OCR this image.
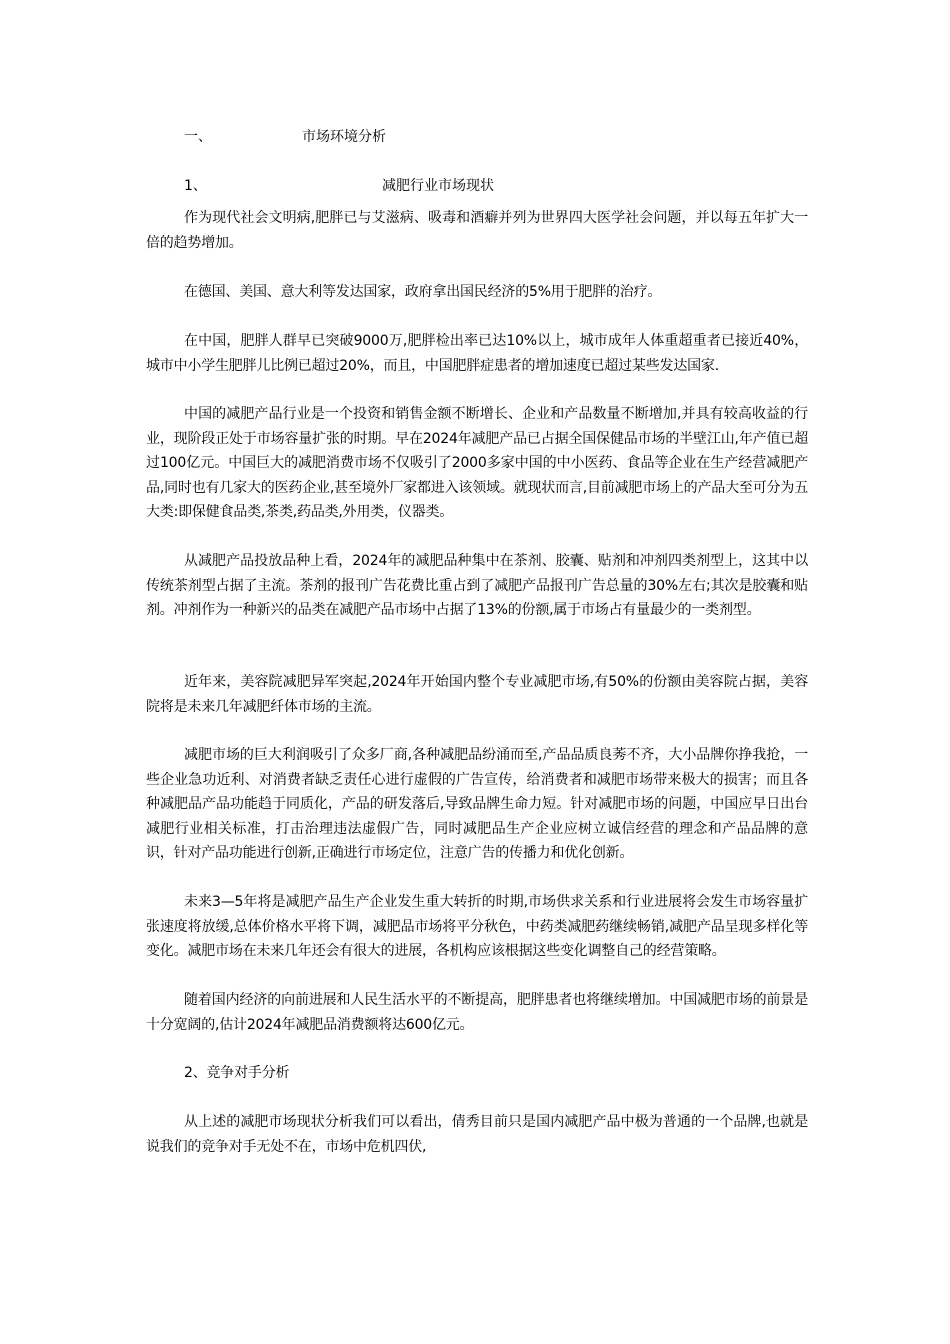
一、	市场环境分析
1、	减肥行业市场现状

作为现代社会文明病,肥胖已与艾滋病、吸毒和酒癖并列为世界四大医学社会问题，并以每五年扩大一倍的趋势增加。

在德国、美国、意大利等发达国家，政府拿出国民经济的5%用于肥胖的治疗。

在中国，肥胖人群早已突破9000万,肥胖检出率已达10%以上，城市成年人体重超重者已接近40%，城市中小学生肥胖儿比例已超过20%，而且，中国肥胖症患者的增加速度已超过某些发达国家.

中国的减肥产品行业是一个投资和销售金额不断增长、企业和产品数量不断增加,并具有较高收益的行业，现阶段正处于市场容量扩张的时期。早在2024年减肥产品已占据全国保健品市场的半壁江山,年产值已超过100亿元。中国巨大的减肥消费市场不仅吸引了2000多家中国的中小医药、食品等企业在生产经营减肥产品,同时也有几家大的医药企业,甚至境外厂家都进入该领域。就现状而言,目前减肥市场上的产品大至可分为五大类:即保健食品类,茶类,药品类,外用类，仪器类。

从减肥产品投放品种上看，2024年的减肥品种集中在茶剂、胶囊、贴剂和冲剂四类剂型上，这其中以传统茶剂型占据了主流。茶剂的报刊广告花费比重占到了减肥产品报刊广告总量的30%左右;其次是胶囊和贴剂。冲剂作为一种新兴的品类在减肥产品市场中占据了13%的份额,属于市场占有量最少的一类剂型。

近年来，美容院减肥异军突起,2024年开始国内整个专业减肥市场,有50%的份额由美容院占据，美容院将是未来几年减肥纤体市场的主流。

减肥市场的巨大利润吸引了众多厂商,各种减肥品纷涌而至,产品品质良莠不齐，大小品牌你挣我抢，一些企业急功近利、对消费者缺乏责任心进行虚假的广告宣传，给消费者和减肥市场带来极大的损害；而且各种减肥品产品功能趋于同质化，产品的研发落后,导致品牌生命力短。针对减肥市场的问题，中国应早日出台减肥行业相关标准，打击治理违法虚假广告，同时减肥品生产企业应树立诚信经营的理念和产品品牌的意识，针对产品功能进行创新,正确进行市场定位，注意广告的传播力和优化创新。

未来3—5年将是减肥产品生产企业发生重大转折的时期,市场供求关系和行业进展将会发生市场容量扩张速度将放缓,总体价格水平将下调，减肥品市场将平分秋色，中药类减肥药继续畅销,减肥产品呈现多样化等变化。减肥市场在未来几年还会有很大的进展，各机构应该根据这些变化调整自己的经营策略。

随着国内经济的向前进展和人民生活水平的不断提高，肥胖患者也将继续增加。中国减肥市场的前景是十分宽阔的,估计2024年减肥品消费额将达600亿元。

2、竞争对手分析

从上述的减肥市场现状分析我们可以看出，倩秀目前只是国内减肥产品中极为普通的一个品牌,也就是说我们的竞争对手无处不在，市场中危机四伏,
